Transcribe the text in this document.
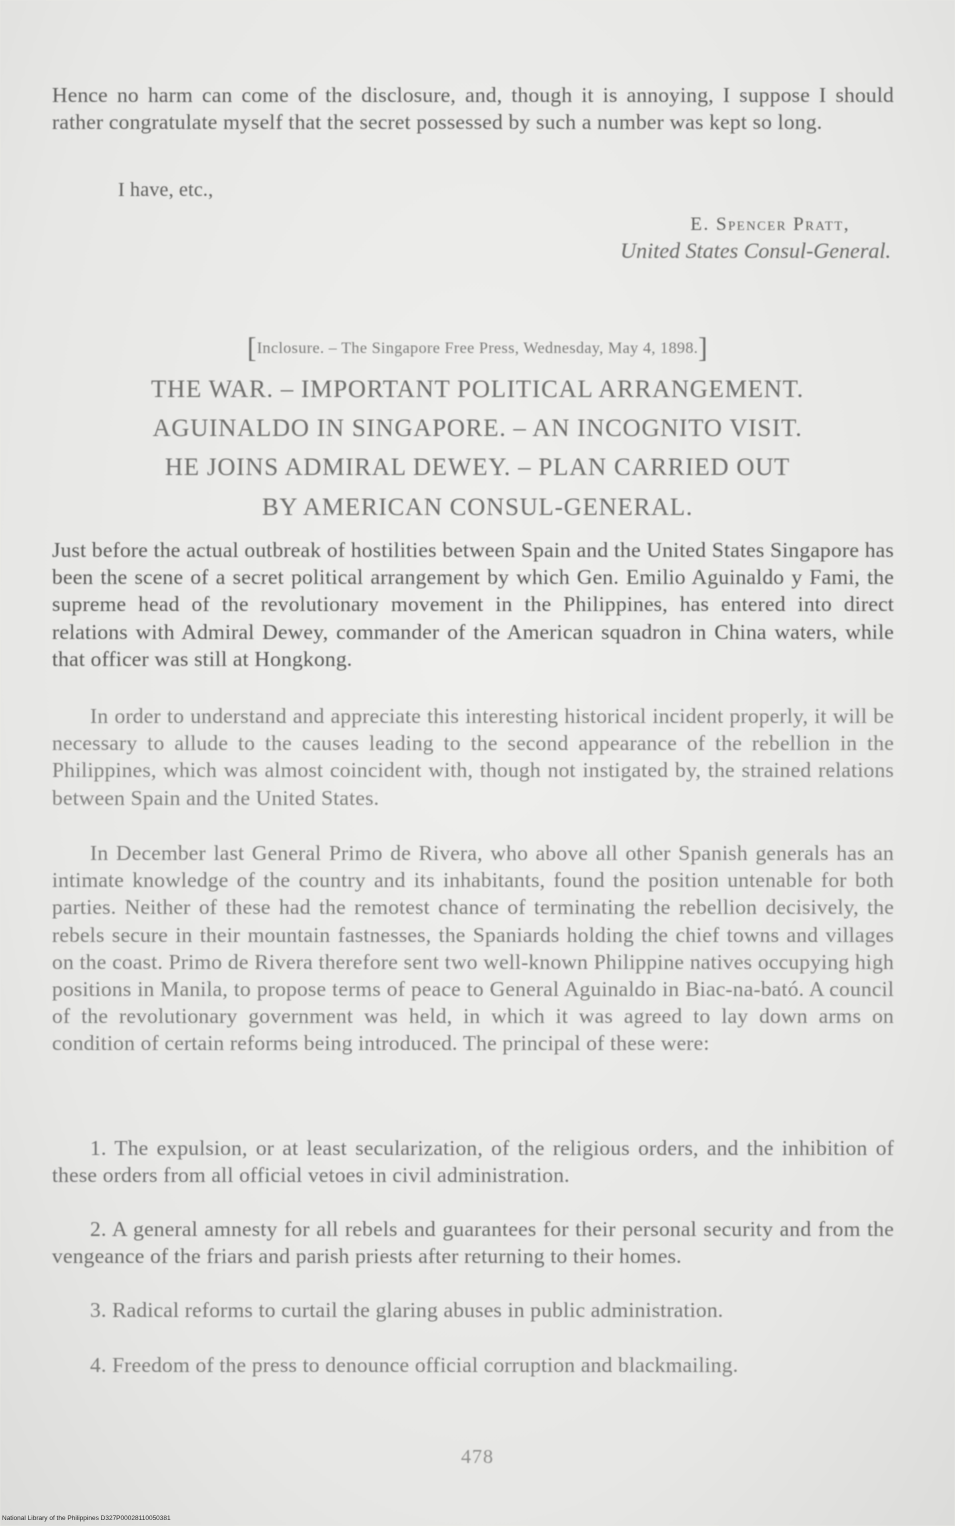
Hence no harm can come of the disclosure, and, though it is annoying, I suppose I should rather congratulate myself that the secret possessed by such a number was kept so long.

I have, etc.,
E. Spencer Pratt,
United States Consul-General.
[Inclosure. – The Singapore Free Press, Wednesday, May 4, 1898.]

THE WAR. – IMPORTANT POLITICAL ARRANGEMENT.

AGUINALDO IN SINGAPORE. – AN INCOGNITO VISIT.

HE JOINS ADMIRAL DEWEY. – PLAN CARRIED OUT

BY AMERICAN CONSUL-GENERAL.

Just before the actual outbreak of hostilities between Spain and the United States Singapore has been the scene of a secret political arrangement by which Gen. Emilio Aguinaldo y Fami, the supreme head of the revolutionary movement in the Philippines, has entered into direct relations with Admiral Dewey, commander of the American squadron in China waters, while that officer was still at Hongkong.

In order to understand and appreciate this interesting historical incident properly, it will be necessary to allude to the causes leading to the second appearance of the rebellion in the Philippines, which was almost coincident with, though not instigated by, the strained relations between Spain and the United States.

In December last General Primo de Rivera, who above all other Spanish generals has an intimate knowledge of the country and its inhabitants, found the position untenable for both parties. Neither of these had the remotest chance of terminating the rebellion decisively, the rebels secure in their mountain fastnesses, the Spaniards holding the chief towns and villages on the coast. Primo de Rivera therefore sent two well-known Philippine natives occupying high positions in Manila, to propose terms of peace to General Aguinaldo in Biac-na-bató. A council of the revolutionary government was held, in which it was agreed to lay down arms on condition of certain reforms being introduced. The principal of these were:

1. The expulsion, or at least secularization, of the religious orders, and the inhibition of these orders from all official vetoes in civil administration.

2. A general amnesty for all rebels and guarantees for their personal security and from the vengeance of the friars and parish priests after returning to their homes.

3. Radical reforms to curtail the glaring abuses in public administration.

4. Freedom of the press to denounce official corruption and blackmailing.

478
National Library of the Philippines D327P00028110050381
